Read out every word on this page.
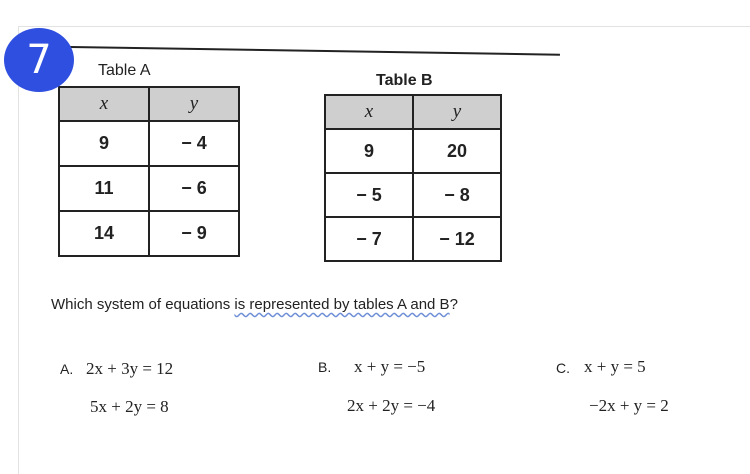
Table A
x	y
9	− 4
11	− 6
14	− 9
Table B
x	y
9	20
− 5	− 8
− 7	− 12
Which system of equations is represented by tables A and B?
A. 2x + 3y = 12
5x + 2y = 8
B. x + y = −5
2x + 2y = −4
C. x + y = 5
−2x + y = 2
7
